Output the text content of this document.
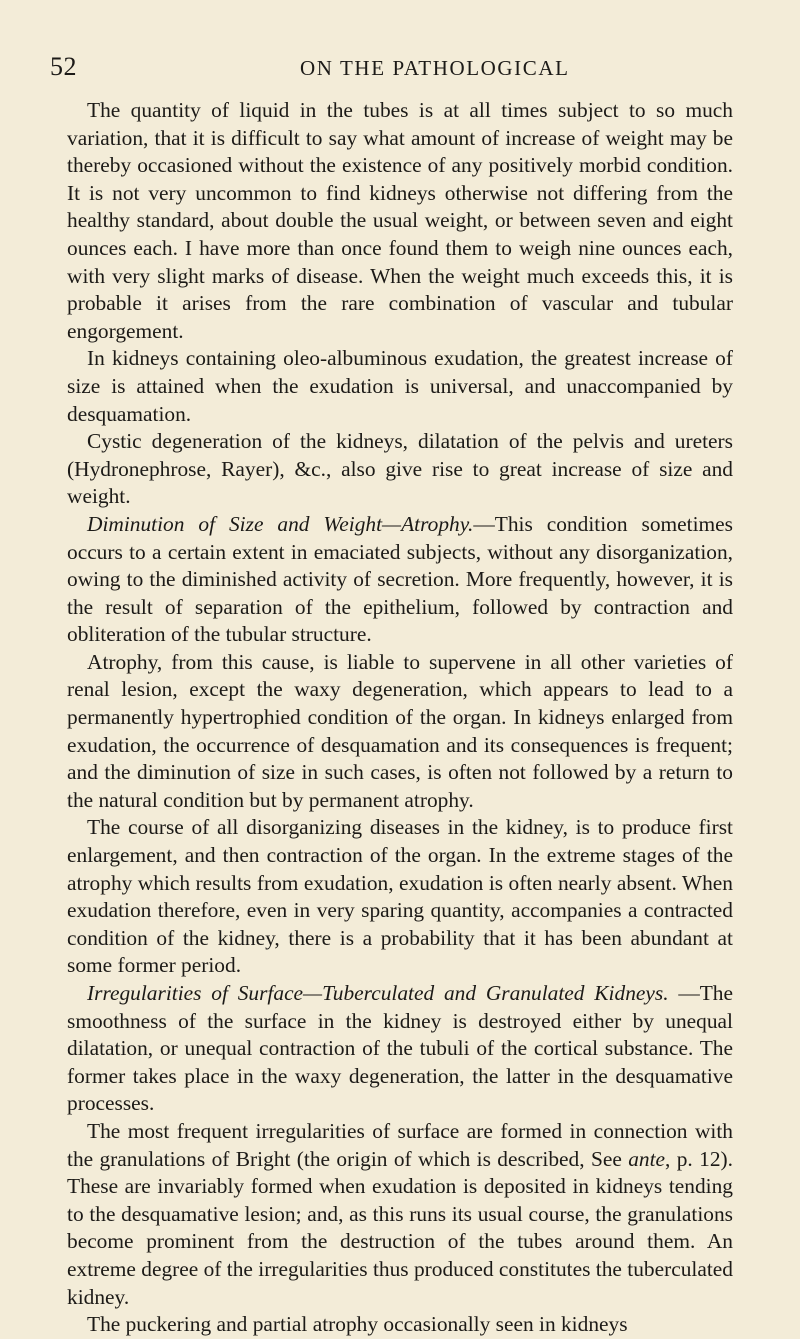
52	ON THE PATHOLOGICAL

The quantity of liquid in the tubes is at all times subject to so much variation, that it is difficult to say what amount of increase of weight may be thereby occasioned without the existence of any positively morbid condition. It is not very uncommon to find kidneys otherwise not differing from the healthy standard, about double the usual weight, or between seven and eight ounces each. I have more than once found them to weigh nine ounces each, with very slight marks of disease. When the weight much exceeds this, it is probable it arises from the rare combination of vascular and tubular engorgement.

In kidneys containing oleo-albuminous exudation, the greatest increase of size is attained when the exudation is universal, and unaccompanied by desquamation.

Cystic degeneration of the kidneys, dilatation of the pelvis and ureters (Hydronephrose, Rayer), &c., also give rise to great increase of size and weight.

Diminution of Size and Weight—Atrophy.—This condition sometimes occurs to a certain extent in emaciated subjects, without any disorganization, owing to the diminished activity of secretion. More frequently, however, it is the result of separation of the epithelium, followed by contraction and obliteration of the tubular structure.

Atrophy, from this cause, is liable to supervene in all other varieties of renal lesion, except the waxy degeneration, which appears to lead to a permanently hypertrophied condition of the organ. In kidneys enlarged from exudation, the occurrence of desquamation and its consequences is frequent; and the diminution of size in such cases, is often not followed by a return to the natural condition but by permanent atrophy.

The course of all disorganizing diseases in the kidney, is to produce first enlargement, and then contraction of the organ. In the extreme stages of the atrophy which results from exudation, exudation is often nearly absent. When exudation therefore, even in very sparing quantity, accompanies a contracted condition of the kidney, there is a probability that it has been abundant at some former period.

Irregularities of Surface—Tuberculated and Granulated Kidneys. —The smoothness of the surface in the kidney is destroyed either by unequal dilatation, or unequal contraction of the tubuli of the cortical substance. The former takes place in the waxy degeneration, the latter in the desquamative processes.

The most frequent irregularities of surface are formed in connection with the granulations of Bright (the origin of which is described, See ante, p. 12). These are invariably formed when exudation is deposited in kidneys tending to the desquamative lesion; and, as this runs its usual course, the granulations become prominent from the destruction of the tubes around them. An extreme degree of the irregularities thus produced constitutes the tuberculated kidney.

The puckering and partial atrophy occasionally seen in kidneys
